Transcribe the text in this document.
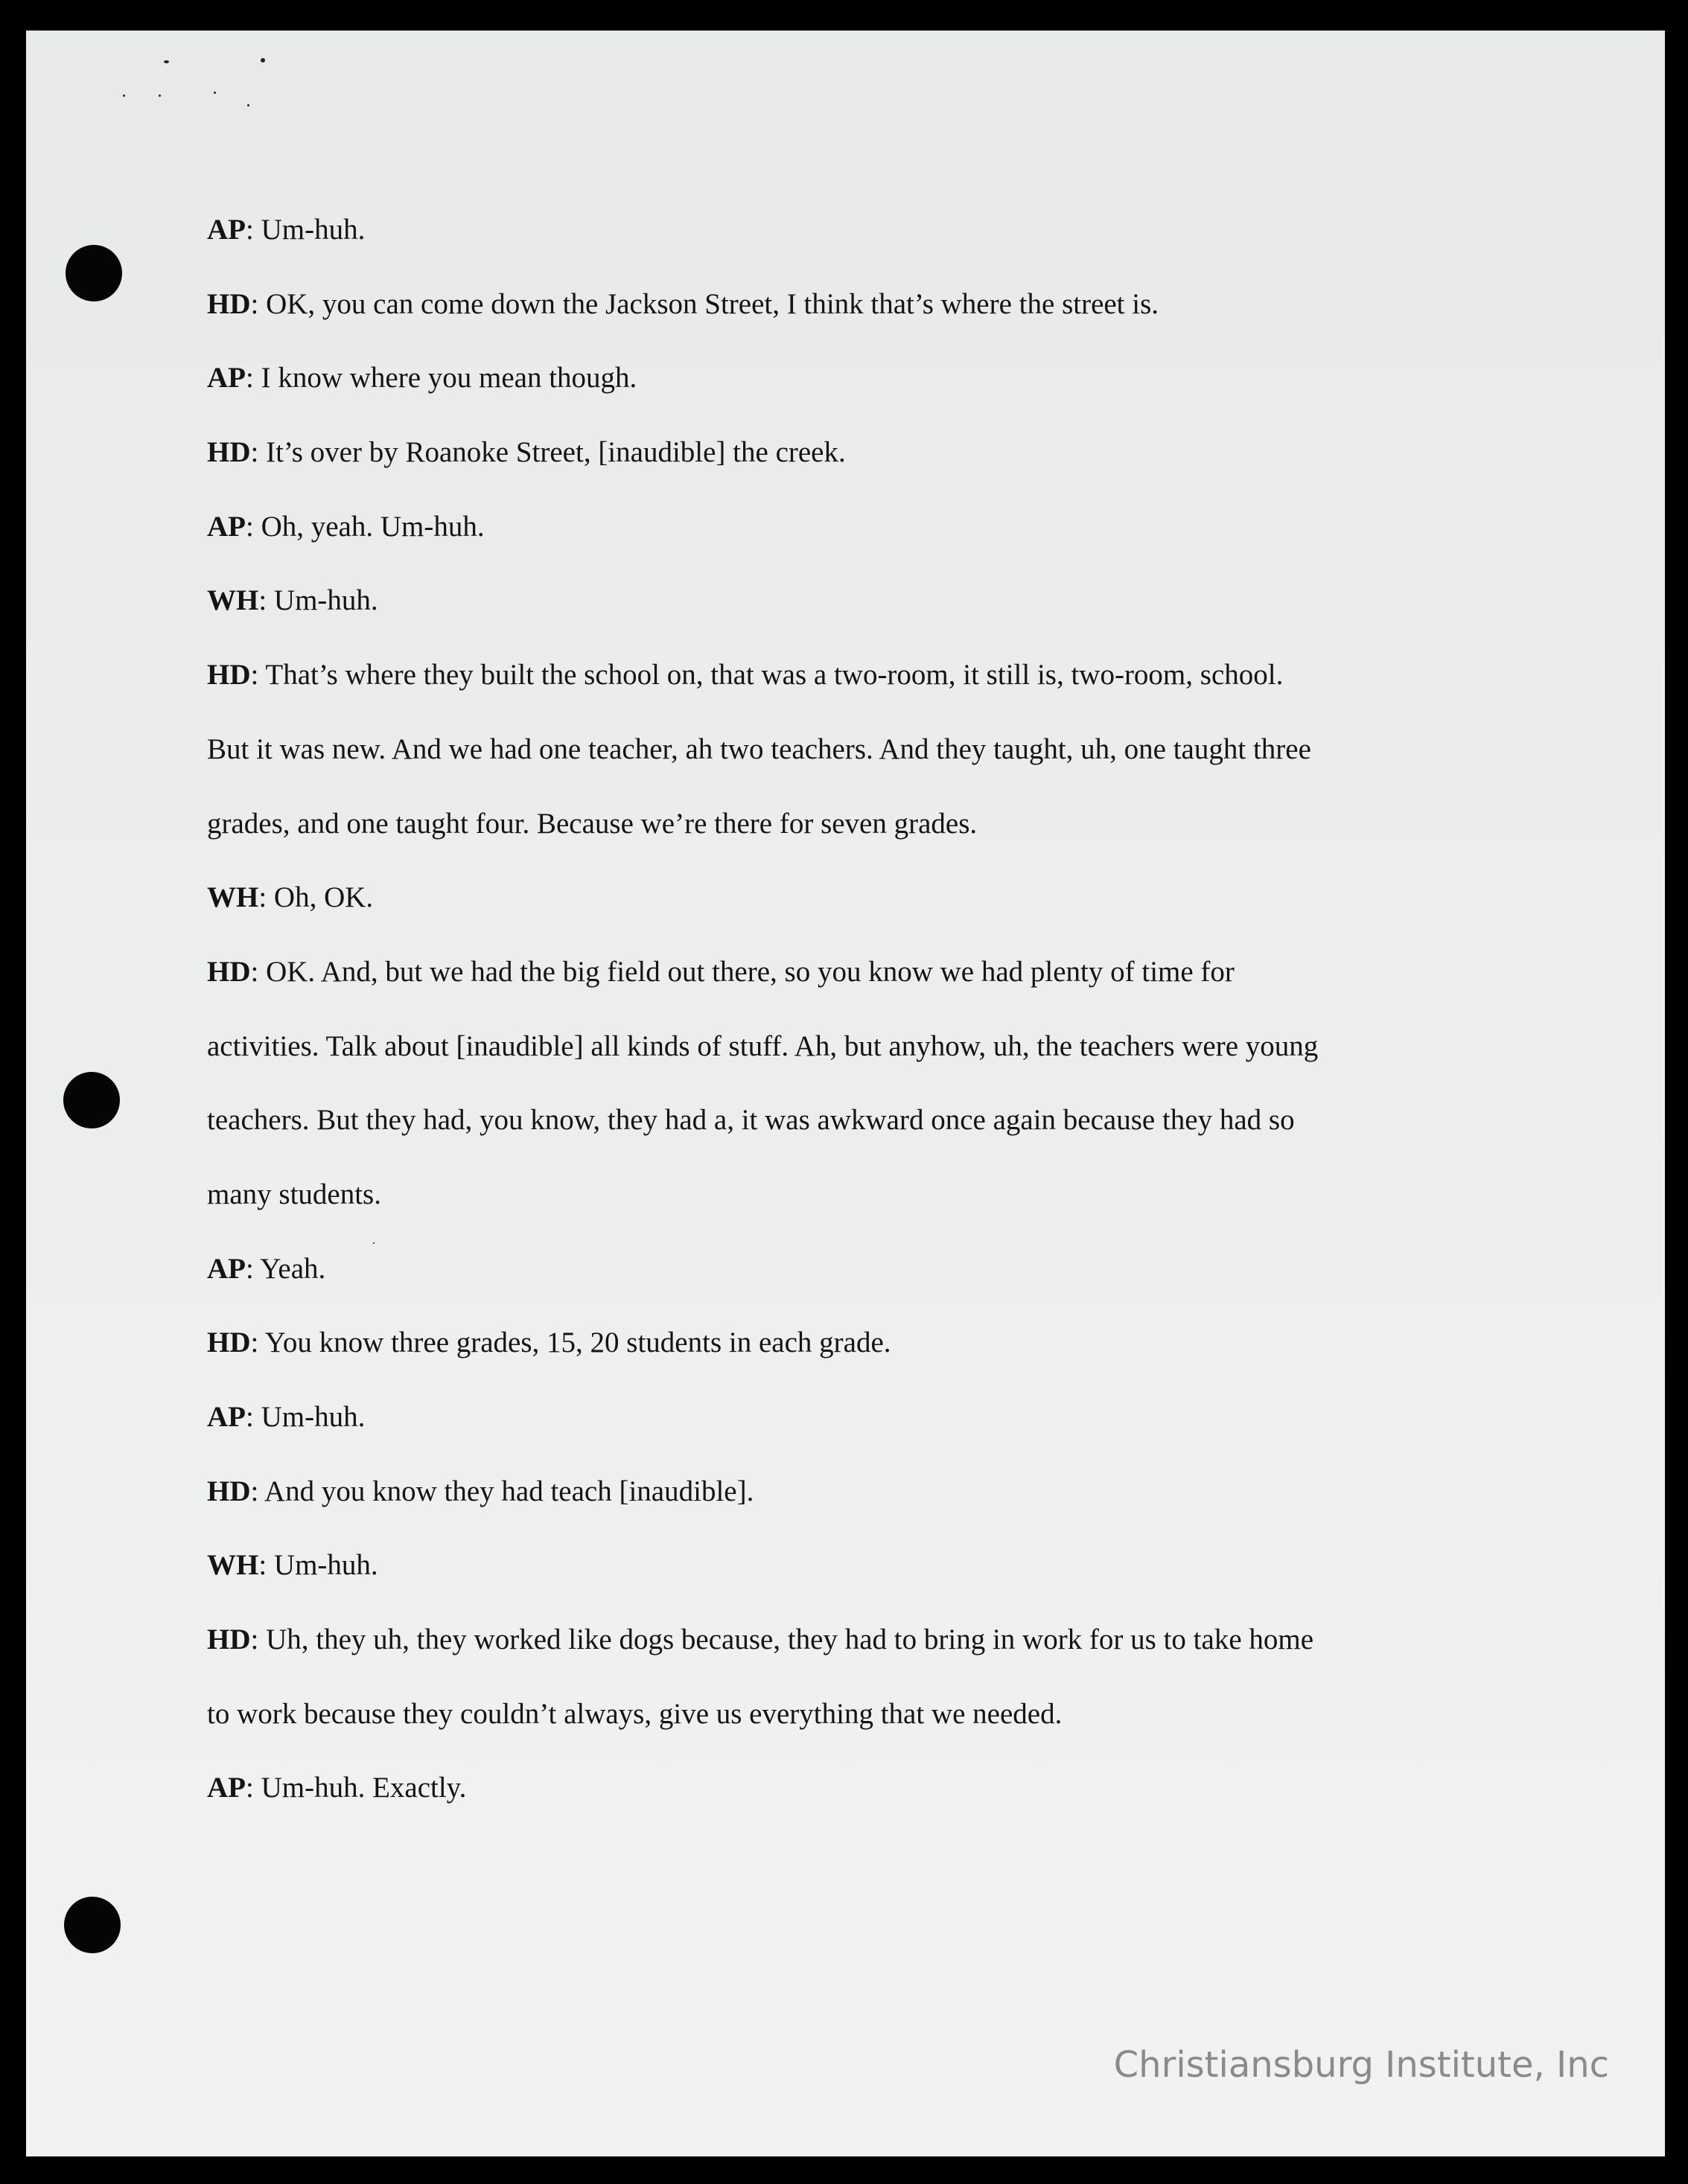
AP: Um-huh.
HD: OK, you can come down the Jackson Street, I think that’s where the street is.
AP: I know where you mean though.
HD: It’s over by Roanoke Street, [inaudible] the creek.
AP: Oh, yeah. Um-huh.
WH: Um-huh.
HD: That’s where they built the school on, that was a two-room, it still is, two-room, school.
But it was new. And we had one teacher, ah two teachers. And they taught, uh, one taught three
grades, and one taught four. Because we’re there for seven grades.
WH: Oh, OK.
HD: OK. And, but we had the big field out there, so you know we had plenty of time for
activities. Talk about [inaudible] all kinds of stuff. Ah, but anyhow, uh, the teachers were young
teachers. But they had, you know, they had a, it was awkward once again because they had so
many students.
AP: Yeah.
HD: You know three grades, 15, 20 students in each grade.
AP: Um-huh.
HD: And you know they had teach [inaudible].
WH: Um-huh.
HD: Uh, they uh, they worked like dogs because, they had to bring in work for us to take home
to work because they couldn’t always, give us everything that we needed.
AP: Um-huh. Exactly.
Christiansburg Institute, Inc
